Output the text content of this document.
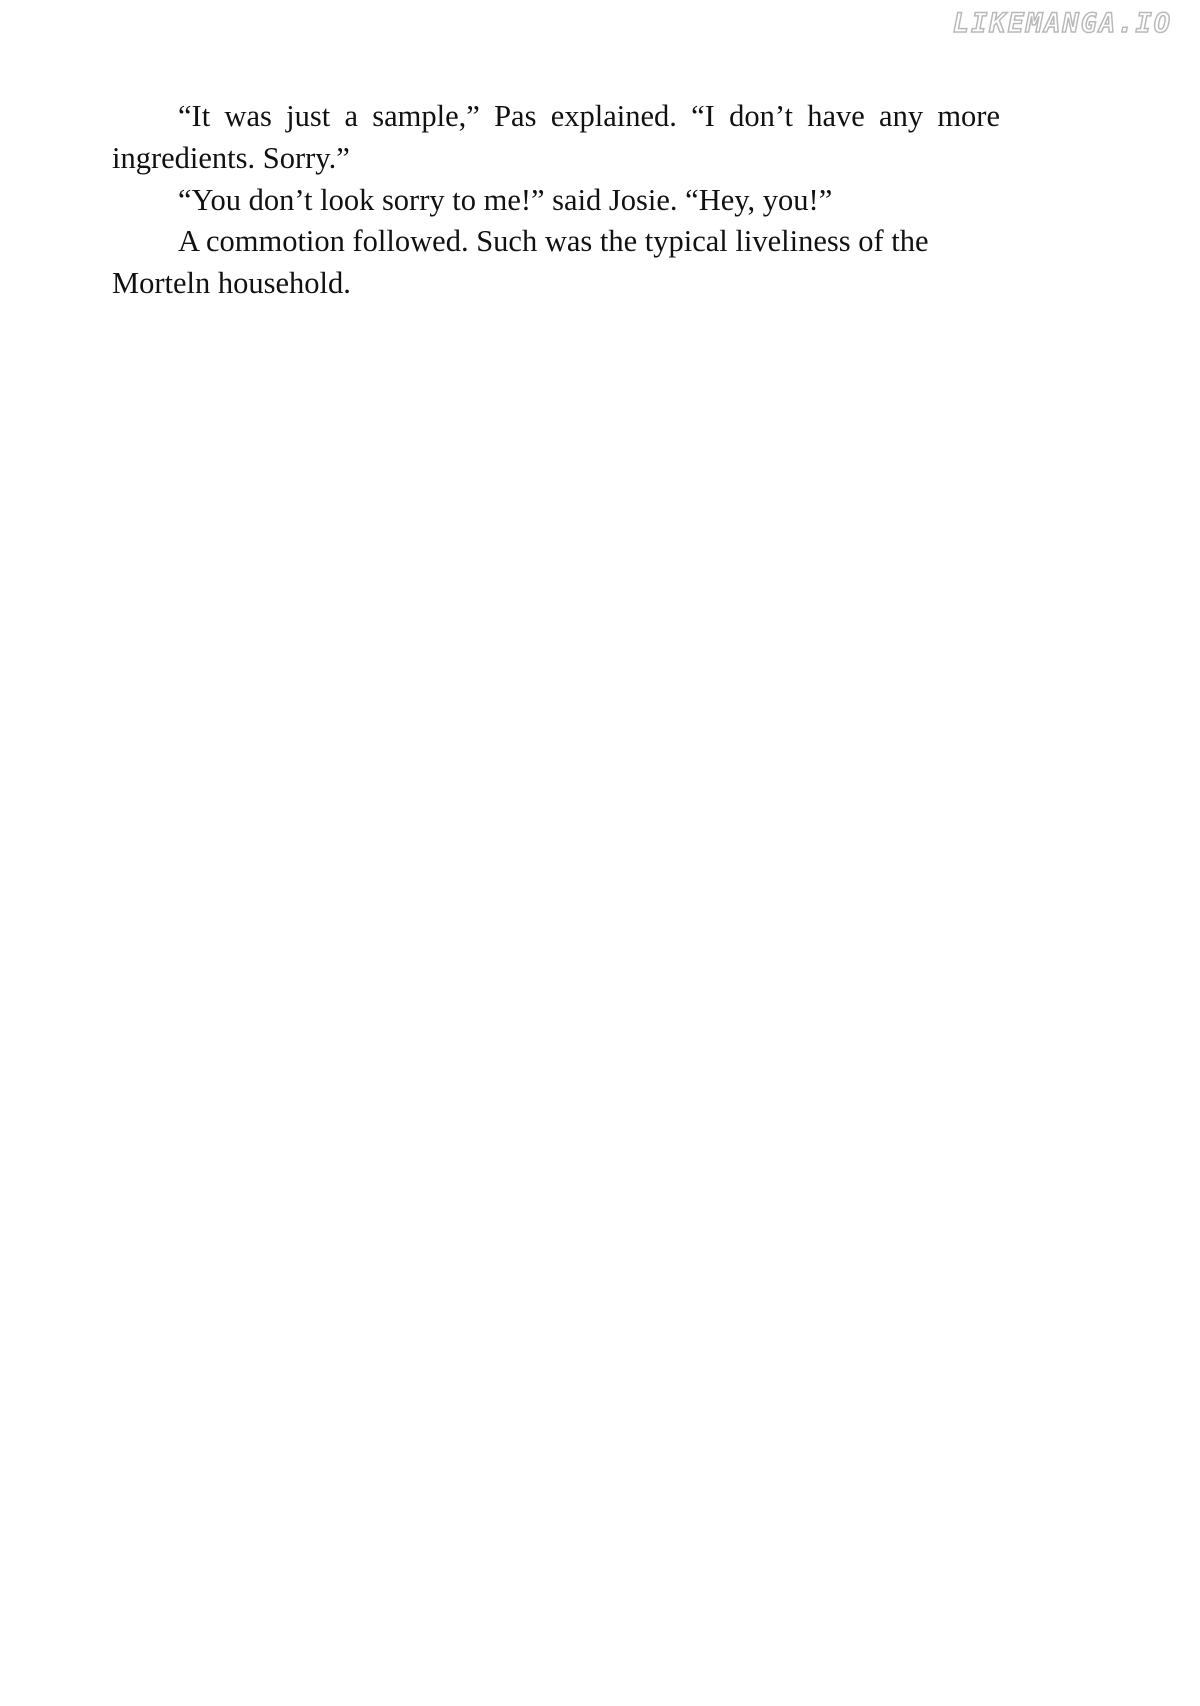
LIKEMANGA.IO

“It was just a sample,” Pas explained. “I don’t have any more ingredients. Sorry.”

“You don’t look sorry to me!” said Josie. “Hey, you!”

A commotion followed. Such was the typical liveliness of the Morteln household.
